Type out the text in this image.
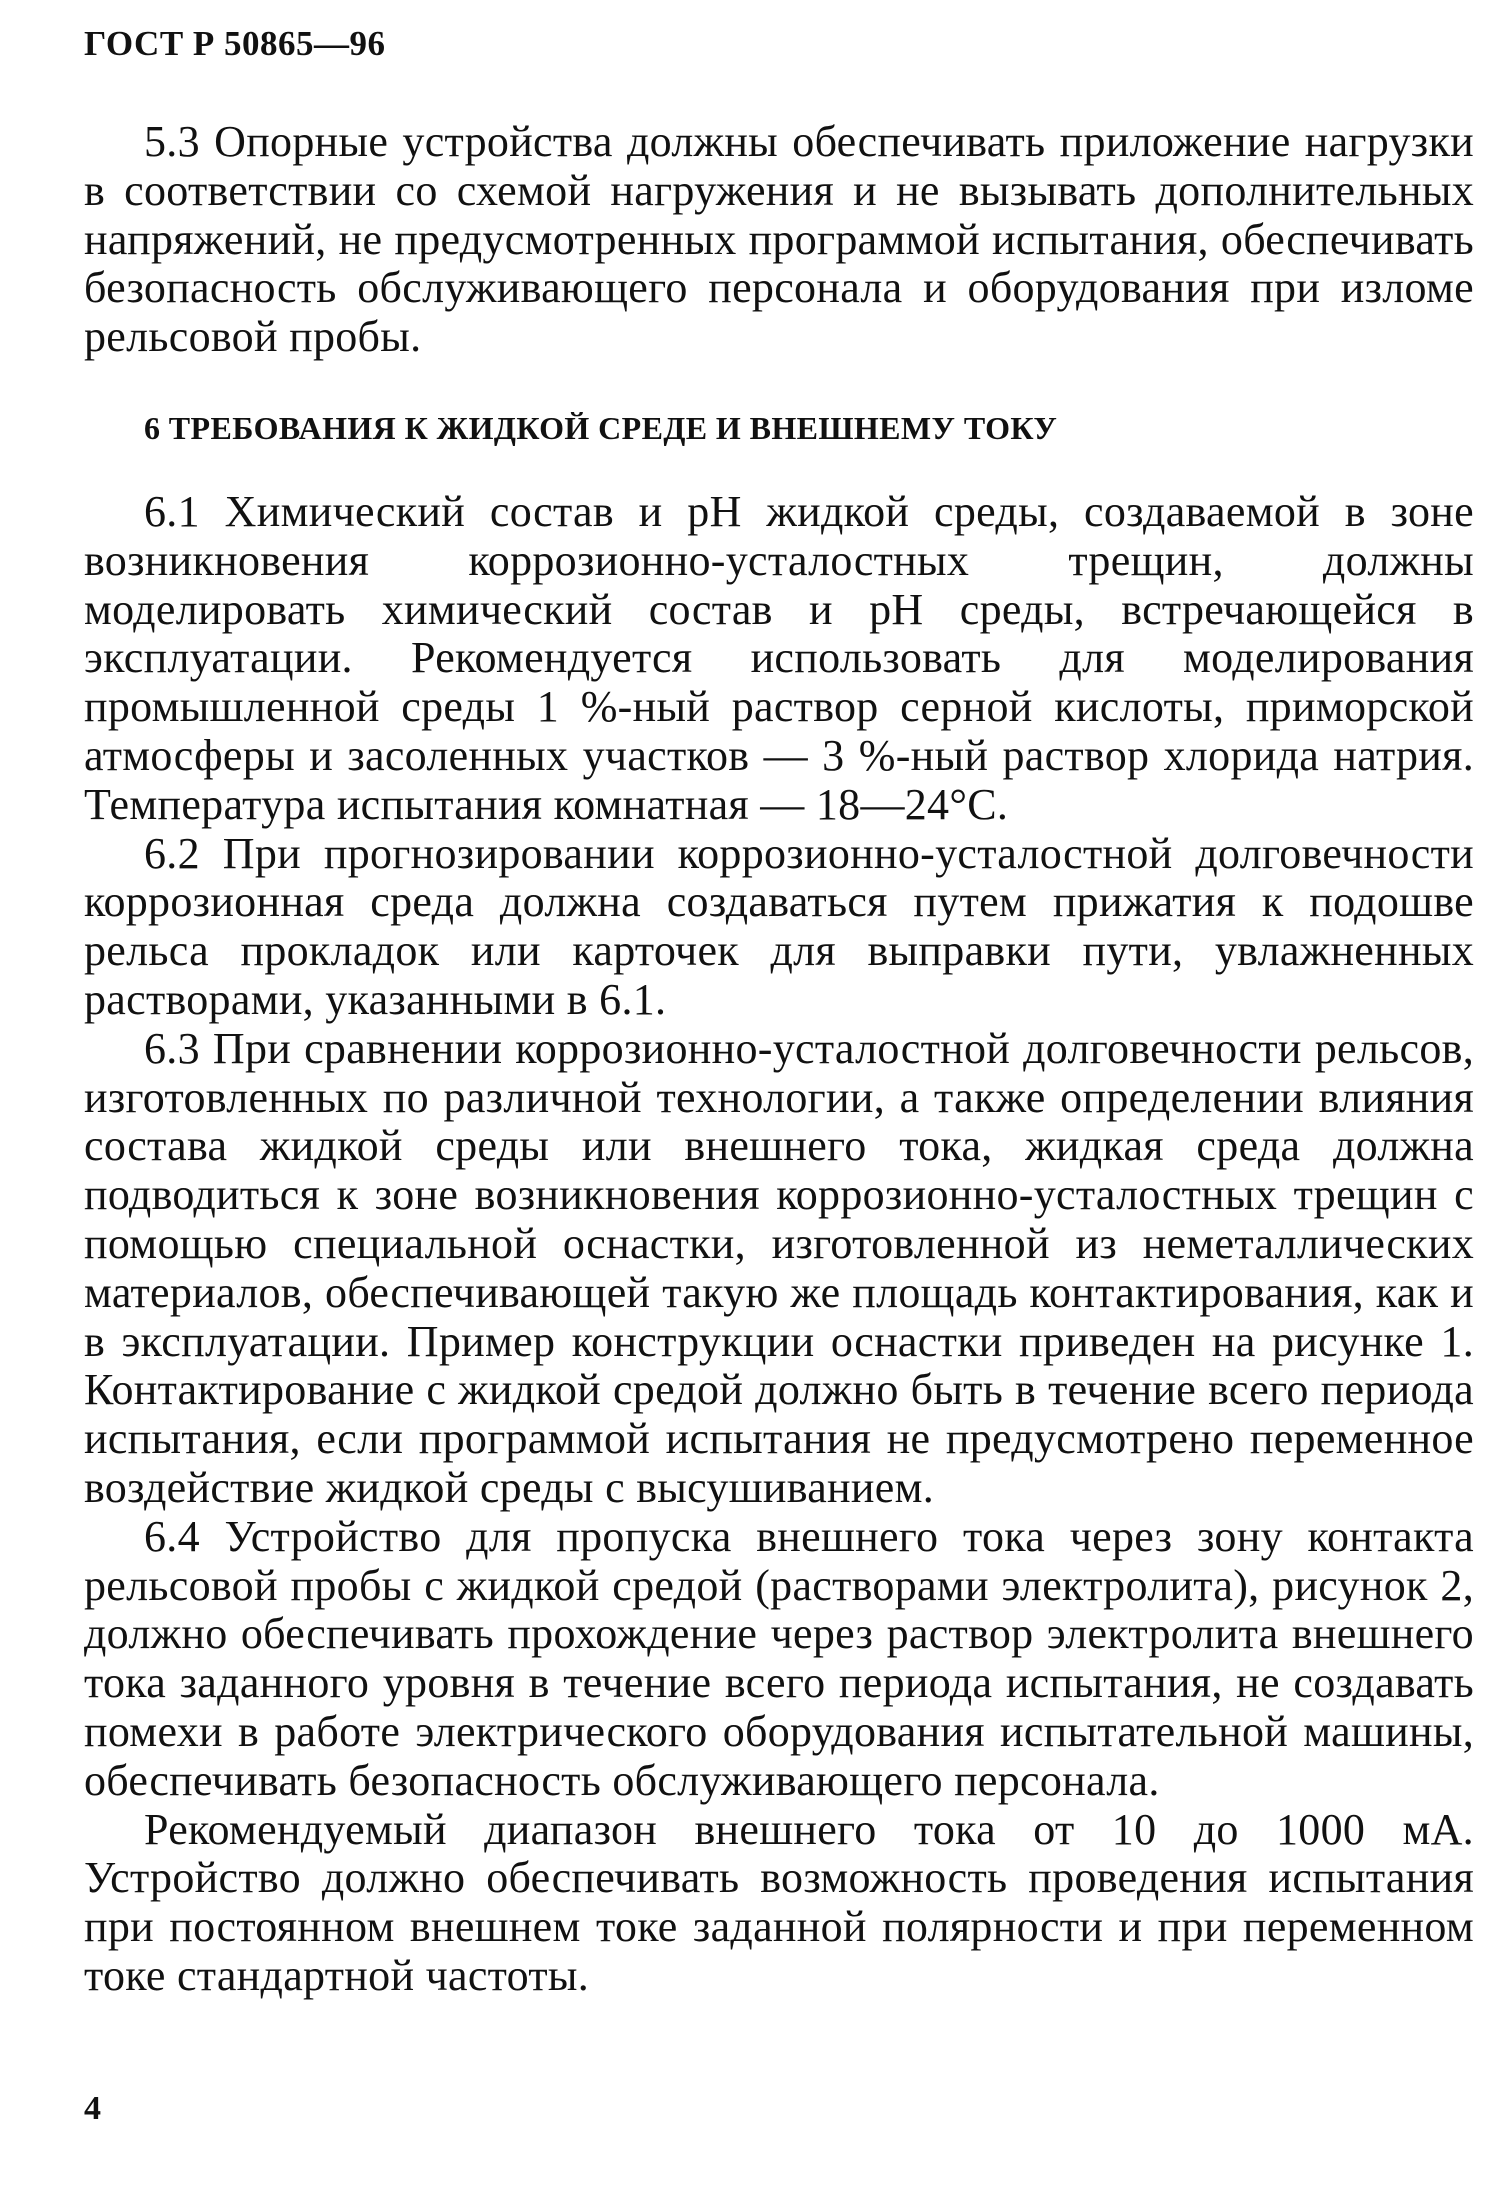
ГОСТ Р 50865—96

5.3 Опорные устройства должны обеспечивать приложение нагрузки в соответствии со схемой нагружения и не вызывать дополнительных напряжений, не предусмотренных программой испытания, обеспечивать безопасность обслуживающего персонала и оборудования при изломе рельсовой пробы.

6 ТРЕБОВАНИЯ К ЖИДКОЙ СРЕДЕ И ВНЕШНЕМУ ТОКУ

6.1 Химический состав и рН жидкой среды, создаваемой в зоне возникновения коррозионно-усталостных трещин, должны моделировать химический состав и рН среды, встречающейся в эксплуатации. Рекомендуется использовать для моделирования промышленной среды 1 %-ный раствор серной кислоты, приморской атмосферы и засоленных участков — 3 %-ный раствор хлорида натрия. Температура испытания комнатная — 18—24°С.

6.2 При прогнозировании коррозионно-усталостной долговечности коррозионная среда должна создаваться путем прижатия к подошве рельса прокладок или карточек для выправки пути, увлажненных растворами, указанными в 6.1.

6.3 При сравнении коррозионно-усталостной долговечности рельсов, изготовленных по различной технологии, а также определении влияния состава жидкой среды или внешнего тока, жидкая среда должна подводиться к зоне возникновения коррозионно-усталостных трещин с помощью специальной оснастки, изготовленной из неметаллических материалов, обеспечивающей такую же площадь контактирования, как и в эксплуатации. Пример конструкции оснастки приведен на рисунке 1. Контактирование с жидкой средой должно быть в течение всего периода испытания, если программой испытания не предусмотрено переменное воздействие жидкой среды с высушиванием.

6.4 Устройство для пропуска внешнего тока через зону контакта рельсовой пробы с жидкой средой (растворами электролита), рисунок 2, должно обеспечивать прохождение через раствор электролита внешнего тока заданного уровня в течение всего периода испытания, не создавать помехи в работе электрического оборудования испытательной машины, обеспечивать безопасность обслуживающего персонала.

Рекомендуемый диапазон внешнего тока от 10 до 1000 мА. Устройство должно обеспечивать возможность проведения испытания при постоянном внешнем токе заданной полярности и при переменном токе стандартной частоты.

4
